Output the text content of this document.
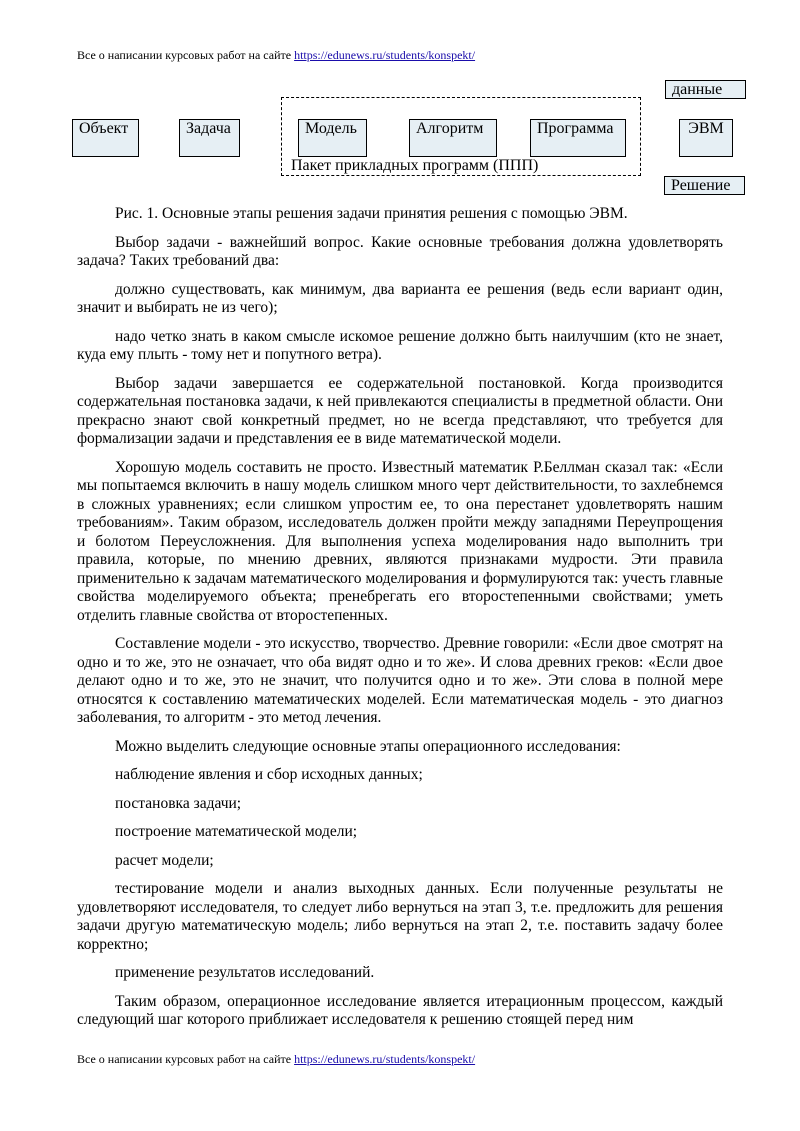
Все о написании курсовых работ на сайте https://edunews.ru/students/konspekt/
данные
Объект	Задача	Модель	Алгоритм	Программа	ЭВМ
Пакет прикладных программ (ППП)
Решение

Рис. 1. Основные этапы решения задачи принятия решения с помощью ЭВМ.

Выбор задачи - важнейший вопрос. Какие основные требования должна удовлетворять задача? Таких требований два:

должно существовать, как минимум, два варианта ее решения (ведь если вариант один, значит и выбирать не из чего);

надо четко знать в каком смысле искомое решение должно быть наилучшим (кто не знает, куда ему плыть - тому нет и попутного ветра).

Выбор задачи завершается ее содержательной постановкой. Когда производится содержательная постановка задачи, к ней привлекаются специалисты в предметной области. Они прекрасно знают свой конкретный предмет, но не всегда представляют, что требуется для формализации задачи и представления ее в виде математической модели.

Хорошую модель составить не просто. Известный математик Р.Беллман сказал так: «Если мы попытаемся включить в нашу модель слишком много черт действительности, то захлебнемся в сложных уравнениях; если слишком упростим ее, то она перестанет удовлетворять нашим требованиям». Таким образом, исследователь должен пройти между западнями Переупрощения и болотом Переусложнения. Для выполнения успеха моделирования надо выполнить три правила, которые, по мнению древних, являются признаками мудрости. Эти правила применительно к задачам математического моделирования и формулируются так: учесть главные свойства моделируемого объекта; пренебрегать его второстепенными свойствами; уметь отделить главные свойства от второстепенных.

Составление модели - это искусство, творчество. Древние говорили: «Если двое смотрят на одно и то же, это не означает, что оба видят одно и то же». И слова древних греков: «Если двое делают одно и то же, это не значит, что получится одно и то же». Эти слова в полной мере относятся к составлению математических моделей. Если математическая модель - это диагноз заболевания, то алгоритм - это метод лечения.

Можно выделить следующие основные этапы операционного исследования:

наблюдение явления и сбор исходных данных;

постановка задачи;

построение математической модели;

расчет модели;

тестирование модели и анализ выходных данных. Если полученные результаты не удовлетворяют исследователя, то следует либо вернуться на этап 3, т.е. предложить для решения задачи другую математическую модель; либо вернуться на этап 2, т.е. поставить задачу более корректно;

применение результатов исследований.

Таким образом, операционное исследование является итерационным процессом, каждый следующий шаг которого приближает исследователя к решению стоящей перед ним

Все о написании курсовых работ на сайте https://edunews.ru/students/konspekt/
